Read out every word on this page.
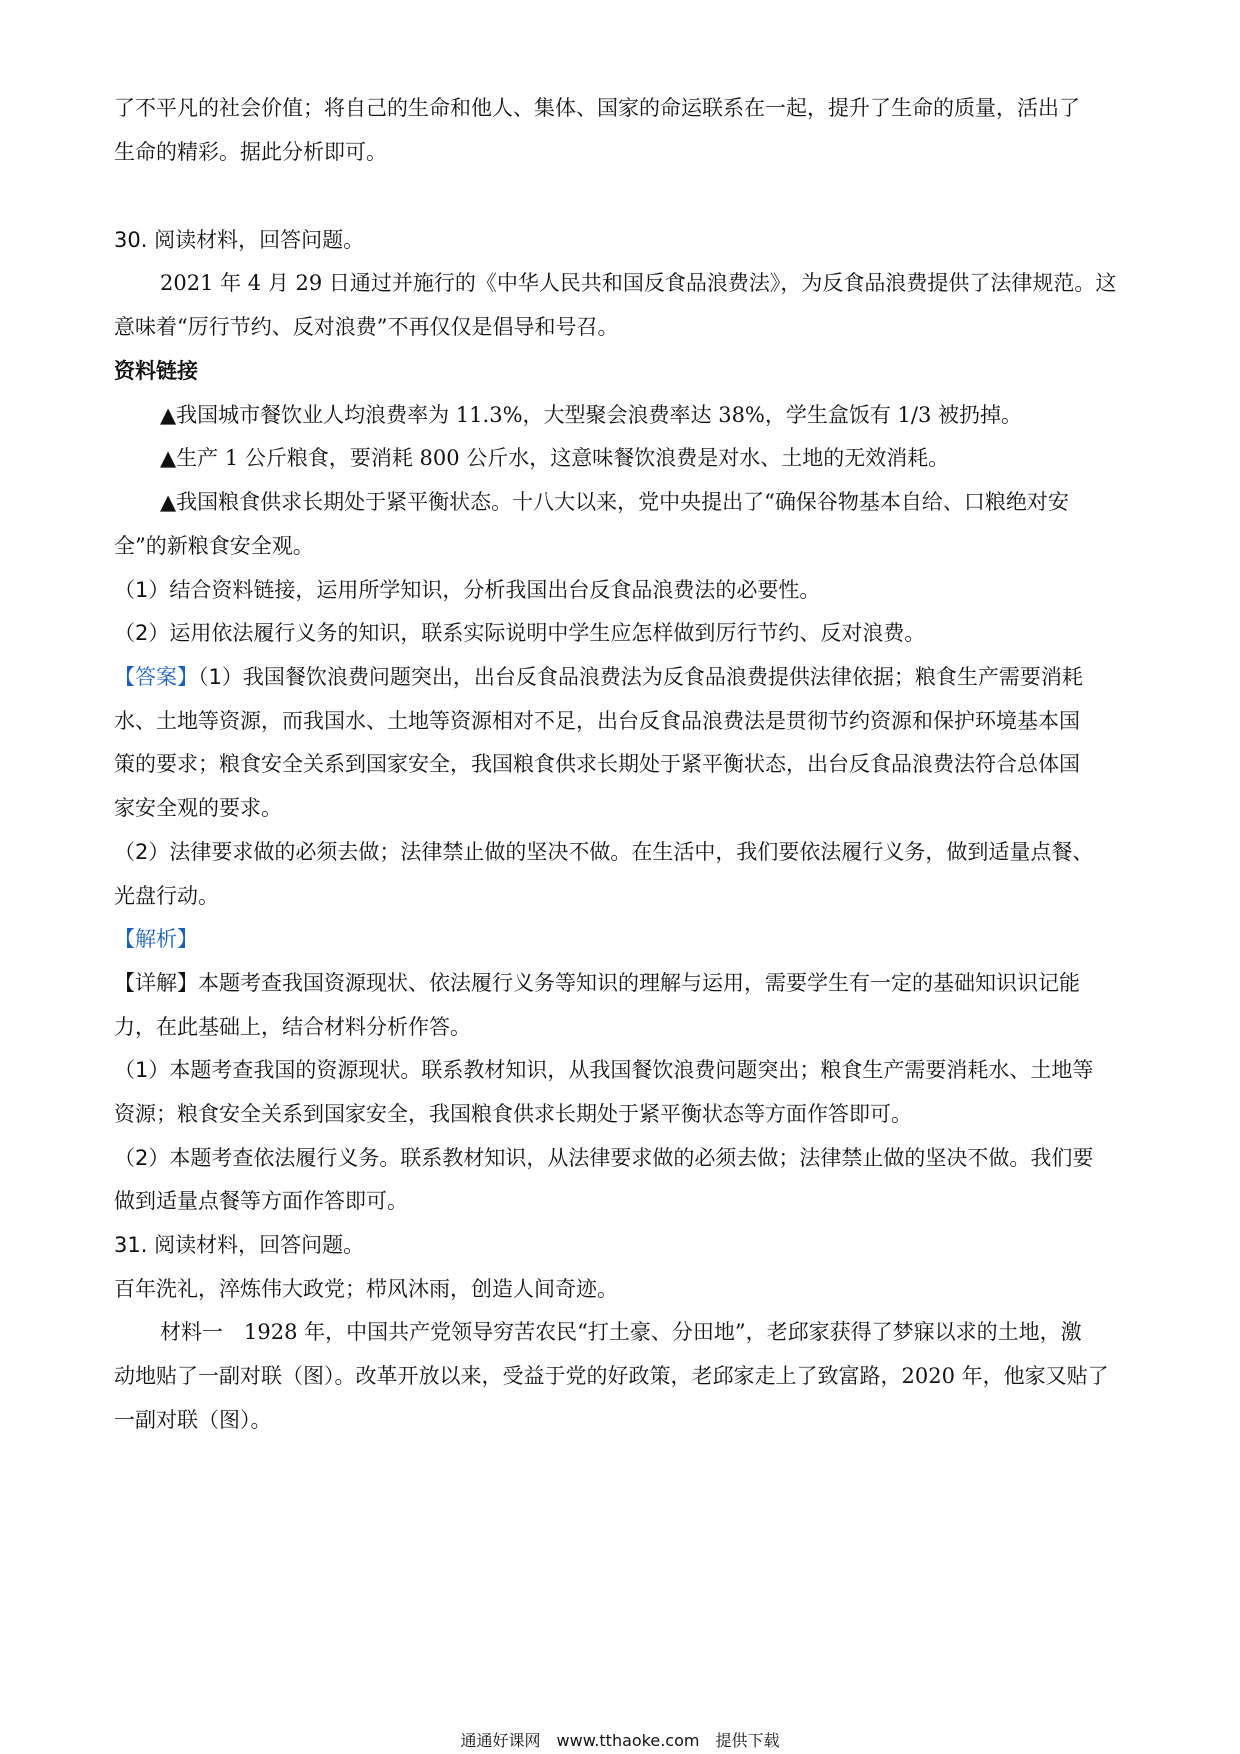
了不平凡的社会价值；将自己的生命和他人、集体、国家的命运联系在一起，提升了生命的质量，活出了
生命的精彩。据此分析即可。
30. 阅读材料，回答问题。
2021 年 4 月 29 日通过并施行的《中华人民共和国反食品浪费法》，为反食品浪费提供了法律规范。这
意味着“厉行节约、反对浪费”不再仅仅是倡导和号召。
资料链接
▲我国城市餐饮业人均浪费率为 11.3%，大型聚会浪费率达 38%，学生盒饭有 1/3 被扔掉。
▲生产 1 公斤粮食，要消耗 800 公斤水，这意味餐饮浪费是对水、土地的无效消耗。
▲我国粮食供求长期处于紧平衡状态。十八大以来，党中央提出了“确保谷物基本自给、口粮绝对安
全”的新粮食安全观。
（1）结合资料链接，运用所学知识，分析我国出台反食品浪费法的必要性。
（2）运用依法履行义务的知识，联系实际说明中学生应怎样做到厉行节约、反对浪费。
【答案】（1）我国餐饮浪费问题突出，出台反食品浪费法为反食品浪费提供法律依据；粮食生产需要消耗
水、土地等资源，而我国水、土地等资源相对不足，出台反食品浪费法是贯彻节约资源和保护环境基本国
策的要求；粮食安全关系到国家安全，我国粮食供求长期处于紧平衡状态，出台反食品浪费法符合总体国
家安全观的要求。
（2）法律要求做的必须去做；法律禁止做的坚决不做。在生活中，我们要依法履行义务，做到适量点餐、
光盘行动。
【解析】
【详解】本题考查我国资源现状、依法履行义务等知识的理解与运用，需要学生有一定的基础知识识记能
力，在此基础上，结合材料分析作答。
（1）本题考查我国的资源现状。联系教材知识，从我国餐饮浪费问题突出；粮食生产需要消耗水、土地等
资源；粮食安全关系到国家安全，我国粮食供求长期处于紧平衡状态等方面作答即可。
（2）本题考查依法履行义务。联系教材知识，从法律要求做的必须去做；法律禁止做的坚决不做。我们要
做到适量点餐等方面作答即可。
31. 阅读材料，回答问题。
百年洗礼，淬炼伟大政党；栉风沐雨，创造人间奇迹。
材料一　1928 年，中国共产党领导穷苦农民“打土豪、分田地”，老邱家获得了梦寐以求的土地，激
动地贴了一副对联（图）。改革开放以来，受益于党的好政策，老邱家走上了致富路，2020 年，他家又贴了
一副对联（图）。
通通好课网　www.tthaoke.com　提供下载
